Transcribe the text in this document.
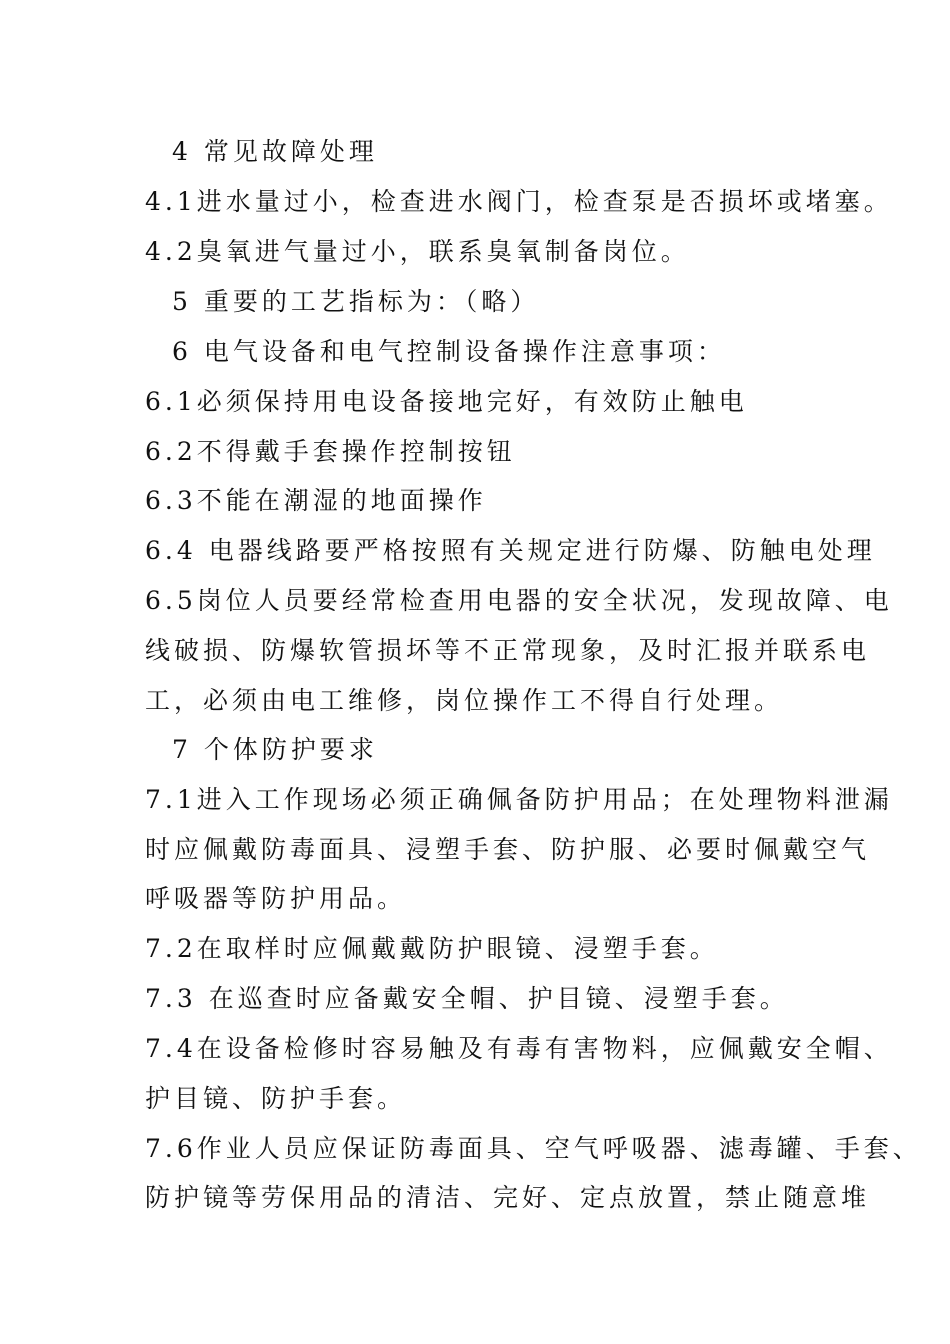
4 常见故障处理
4.1进水量过小，检查进水阀门，检查泵是否损坏或堵塞。
4.2臭氧进气量过小，联系臭氧制备岗位。
5 重要的工艺指标为：（略）
6 电气设备和电气控制设备操作注意事项：
6.1必须保持用电设备接地完好，有效防止触电
6.2不得戴手套操作控制按钮
6.3不能在潮湿的地面操作
6.4 电器线路要严格按照有关规定进行防爆、防触电处理
6.5岗位人员要经常检查用电器的安全状况，发现故障、电
线破损、防爆软管损坏等不正常现象，及时汇报并联系电
工，必须由电工维修，岗位操作工不得自行处理。
7 个体防护要求
7.1进入工作现场必须正确佩备防护用品；在处理物料泄漏
时应佩戴防毒面具、浸塑手套、防护服、必要时佩戴空气
呼吸器等防护用品。
7.2在取样时应佩戴戴防护眼镜、浸塑手套。
7.3 在巡查时应备戴安全帽、护目镜、浸塑手套。
7.4在设备检修时容易触及有毒有害物料，应佩戴安全帽、
护目镜、防护手套。
7.6作业人员应保证防毒面具、空气呼吸器、滤毒罐、手套、
防护镜等劳保用品的清洁、完好、定点放置，禁止随意堆
